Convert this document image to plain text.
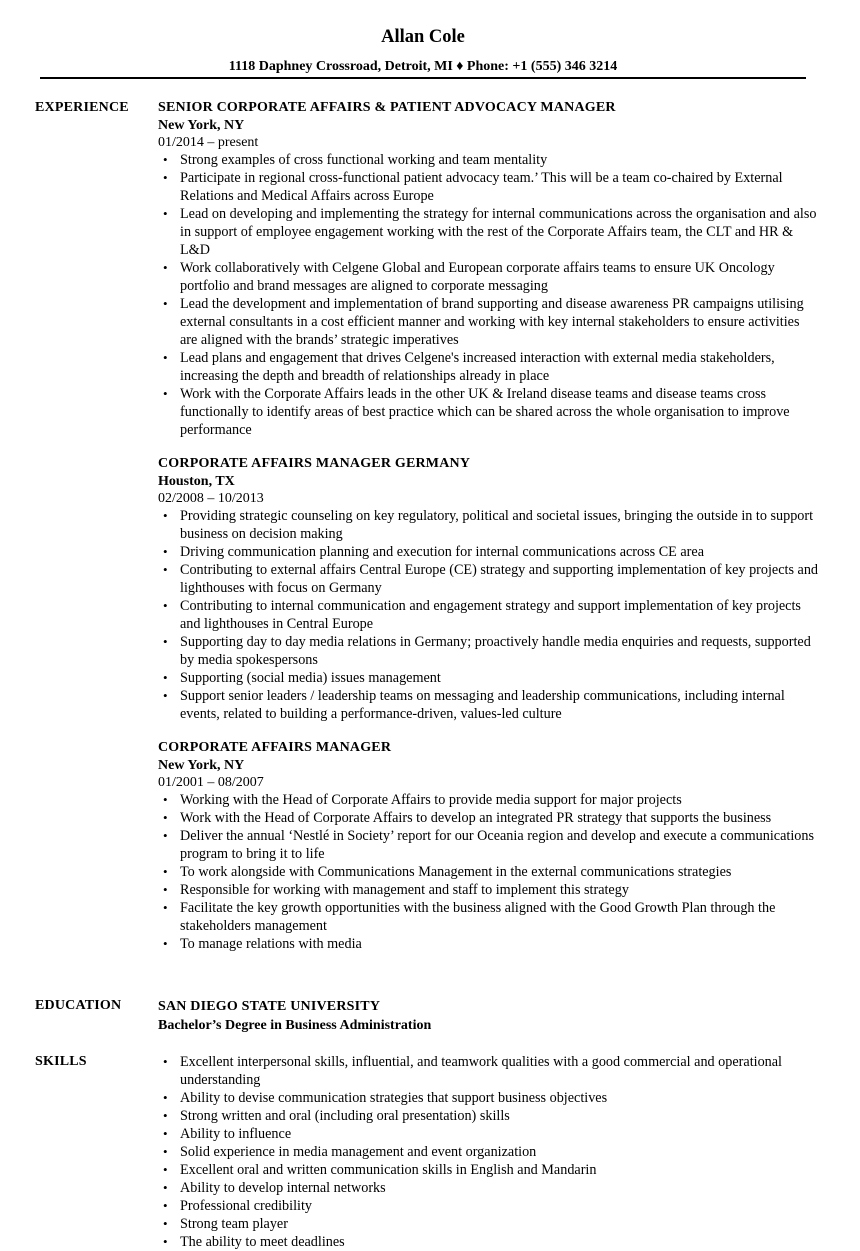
Allan Cole
1118 Daphney Crossroad, Detroit, MI ♦ Phone: +1 (555) 346 3214
EXPERIENCE SENIOR CORPORATE AFFAIRS & PATIENT ADVOCACY MANAGER
New York, NY
01/2014 – present
• Strong examples of cross functional working and team mentality
• Participate in regional cross-functional patient advocacy team.’ This will be a team co-chaired by External Relations and Medical Affairs across Europe
• Lead on developing and implementing the strategy for internal communications across the organisation and also in support of employee engagement working with the rest of the Corporate Affairs team, the CLT and HR & L&D
• Work collaboratively with Celgene Global and European corporate affairs teams to ensure UK Oncology portfolio and brand messages are aligned to corporate messaging
• Lead the development and implementation of brand supporting and disease awareness PR campaigns utilising external consultants in a cost efficient manner and working with key internal stakeholders to ensure activities are aligned with the brands’ strategic imperatives
• Lead plans and engagement that drives Celgene's increased interaction with external media stakeholders, increasing the depth and breadth of relationships already in place
• Work with the Corporate Affairs leads in the other UK & Ireland disease teams and disease teams cross functionally to identify areas of best practice which can be shared across the whole organisation to improve performance
CORPORATE AFFAIRS MANAGER GERMANY
Houston, TX
02/2008 – 10/2013
• Providing strategic counseling on key regulatory, political and societal issues, bringing the outside in to support business on decision making
• Driving communication planning and execution for internal communications across CE area
• Contributing to external affairs Central Europe (CE) strategy and supporting implementation of key projects and lighthouses with focus on Germany
• Contributing to internal communication and engagement strategy and support implementation of key projects and lighthouses in Central Europe
• Supporting day to day media relations in Germany; proactively handle media enquiries and requests, supported by media spokespersons
• Supporting (social media) issues management
• Support senior leaders / leadership teams on messaging and leadership communications, including internal events, related to building a performance-driven, values-led culture
CORPORATE AFFAIRS MANAGER
New York, NY
01/2001 – 08/2007
• Working with the Head of Corporate Affairs to provide media support for major projects
• Work with the Head of Corporate Affairs to develop an integrated PR strategy that supports the business
• Deliver the annual ‘Nestlé in Society’ report for our Oceania region and develop and execute a communications program to bring it to life
• To work alongside with Communications Management in the external communications strategies
• Responsible for working with management and staff to implement this strategy
• Facilitate the key growth opportunities with the business aligned with the Good Growth Plan through the stakeholders management
• To manage relations with media
EDUCATION	SAN DIEGO STATE UNIVERSITY
Bachelor’s Degree in Business Administration
SKILLS	• Excellent interpersonal skills, influential, and teamwork qualities with a good commercial and operational understanding
• Ability to devise communication strategies that support business objectives
• Strong written and oral (including oral presentation) skills
• Ability to influence
• Solid experience in media management and event organization
• Excellent oral and written communication skills in English and Mandarin
• Ability to develop internal networks
• Professional credibility
• Strong team player
• The ability to meet deadlines
